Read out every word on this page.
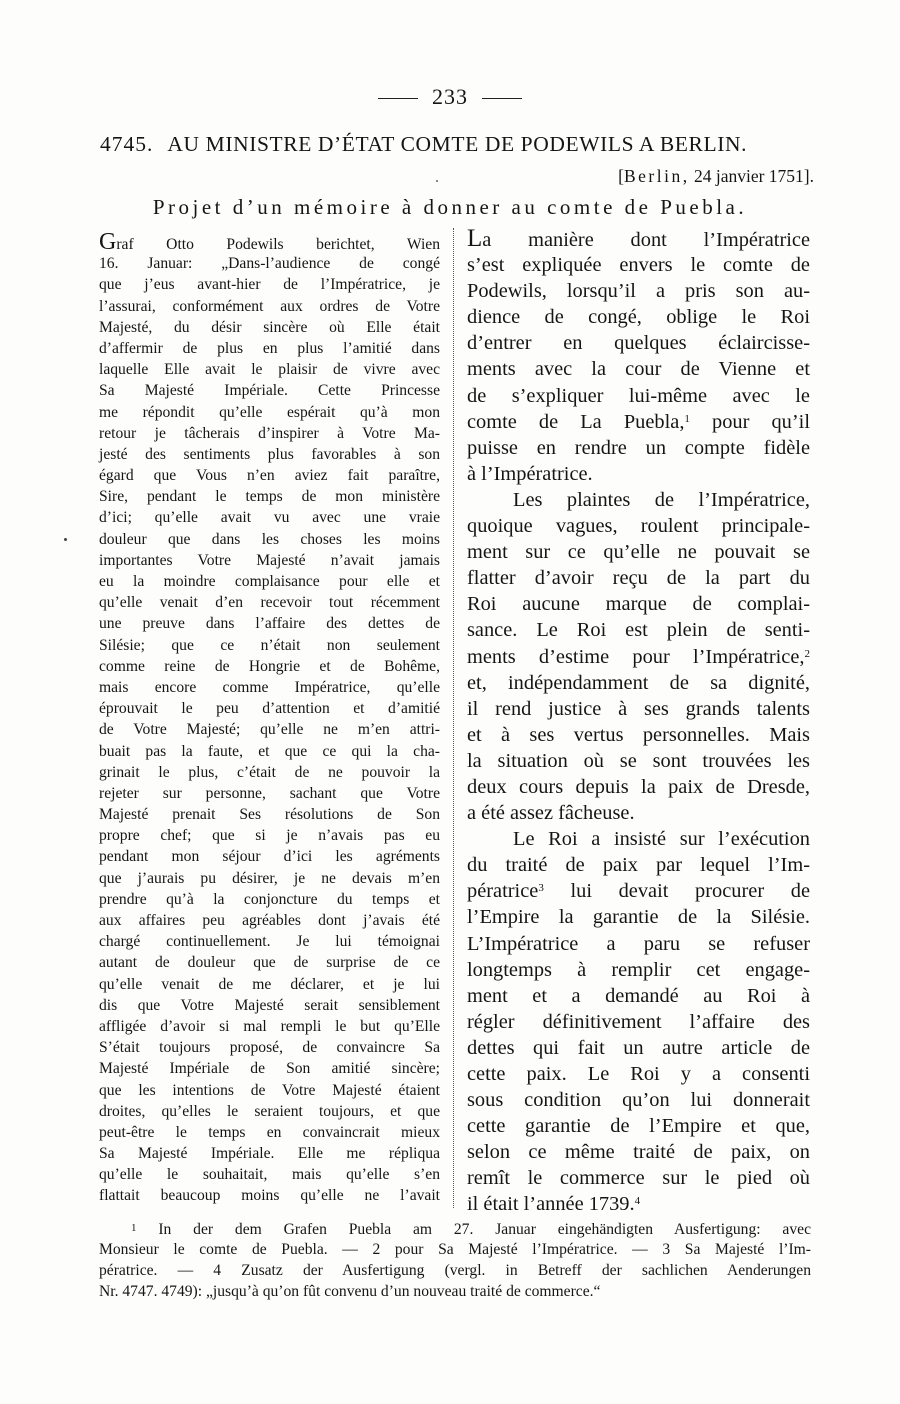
233
4745. AU MINISTRE D’ÉTAT COMTE DE PODEWILS A BERLIN.
[Berlin, 24 janvier 1751].
Projet d’un mémoire à donner au comte de Puebla.
Graf Otto Podewils berichtet, Wien
16. Januar: „Dans-l’audience de congé
que j’eus avant-hier de l’Impératrice, je
l’assurai, conformément aux ordres de Votre
Majesté, du désir sincère où Elle était
d’affermir de plus en plus l’amitié dans
laquelle Elle avait le plaisir de vivre avec
Sa Majesté Impériale. Cette Princesse
me répondit qu’elle espérait qu’à mon
retour je tâcherais d’inspirer à Votre Ma-
jesté des sentiments plus favorables à son
égard que Vous n’en aviez fait paraître,
Sire, pendant le temps de mon ministère
d’ici; qu’elle avait vu avec une vraie
douleur que dans les choses les moins
importantes Votre Majesté n’avait jamais
eu la moindre complaisance pour elle et
qu’elle venait d’en recevoir tout récemment
une preuve dans l’affaire des dettes de
Silésie; que ce n’était non seulement
comme reine de Hongrie et de Bohême,
mais encore comme Impératrice, qu’elle
éprouvait le peu d’attention et d’amitié
de Votre Majesté; qu’elle ne m’en attri-
buait pas la faute, et que ce qui la cha-
grinait le plus, c’était de ne pouvoir la
rejeter sur personne, sachant que Votre
Majesté prenait Ses résolutions de Son
propre chef; que si je n’avais pas eu
pendant mon séjour d’ici les agréments
que j’aurais pu désirer, je ne devais m’en
prendre qu’à la conjoncture du temps et
aux affaires peu agréables dont j’avais été
chargé continuellement. Je lui témoignai
autant de douleur que de surprise de ce
qu’elle venait de me déclarer, et je lui
dis que Votre Majesté serait sensiblement
affligée d’avoir si mal rempli le but qu’Elle
S’était toujours proposé, de convaincre Sa
Majesté Impériale de Son amitié sincère;
que les intentions de Votre Majesté étaient
droites, qu’elles le seraient toujours, et que
peut-être le temps en convaincrait mieux
Sa Majesté Impériale. Elle me répliqua
qu’elle le souhaitait, mais qu’elle s’en
flattait beaucoup moins qu’elle ne l’avait
La manière dont l’Impératrice
s’est expliquée envers le comte de
Podewils, lorsqu’il a pris son au-
dience de congé, oblige le Roi
d’entrer en quelques éclaircisse-
ments avec la cour de Vienne et
de s’expliquer lui-même avec le
comte de La Puebla,$^1$ pour qu’il
puisse en rendre un compte fidèle
à l’Impératrice.
Les plaintes de l’Impératrice,
quoique vagues, roulent principale-
ment sur ce qu’elle ne pouvait se
flatter d’avoir reçu de la part du
Roi aucune marque de complai-
sance. Le Roi est plein de senti-
ments d’estime pour l’Impératrice,$^2$
et, indépendamment de sa dignité,
il rend justice à ses grands talents
et à ses vertus personnelles. Mais
la situation où se sont trouvées les
deux cours depuis la paix de Dresde,
a été assez fâcheuse.
Le Roi a insisté sur l’exécution
du traité de paix par lequel l’Im-
pératrice$^3$ lui devait procurer de
l’Empire la garantie de la Silésie.
L’Impératrice a paru se refuser
longtemps à remplir cet engage-
ment et a demandé au Roi à
régler définitivement l’affaire des
dettes qui fait un autre article de
cette paix. Le Roi y a consenti
sous condition qu’on lui donnerait
cette garantie de l’Empire et que,
selon ce même traité de paix, on
remît le commerce sur le pied où
il était l’année 1739.$^4$
1 In der dem Grafen Puebla am 27. Januar eingehändigten Ausfertigung: avec
Monsieur le comte de Puebla. — 2 pour Sa Majesté l’Impératrice. — 3 Sa Majesté l’Im-
pératrice. — 4 Zusatz der Ausfertigung (vergl. in Betreff der sachlichen Aenderungen
Nr. 4747. 4749): „jusqu’à qu’on fût convenu d’un nouveau traité de commerce.“
